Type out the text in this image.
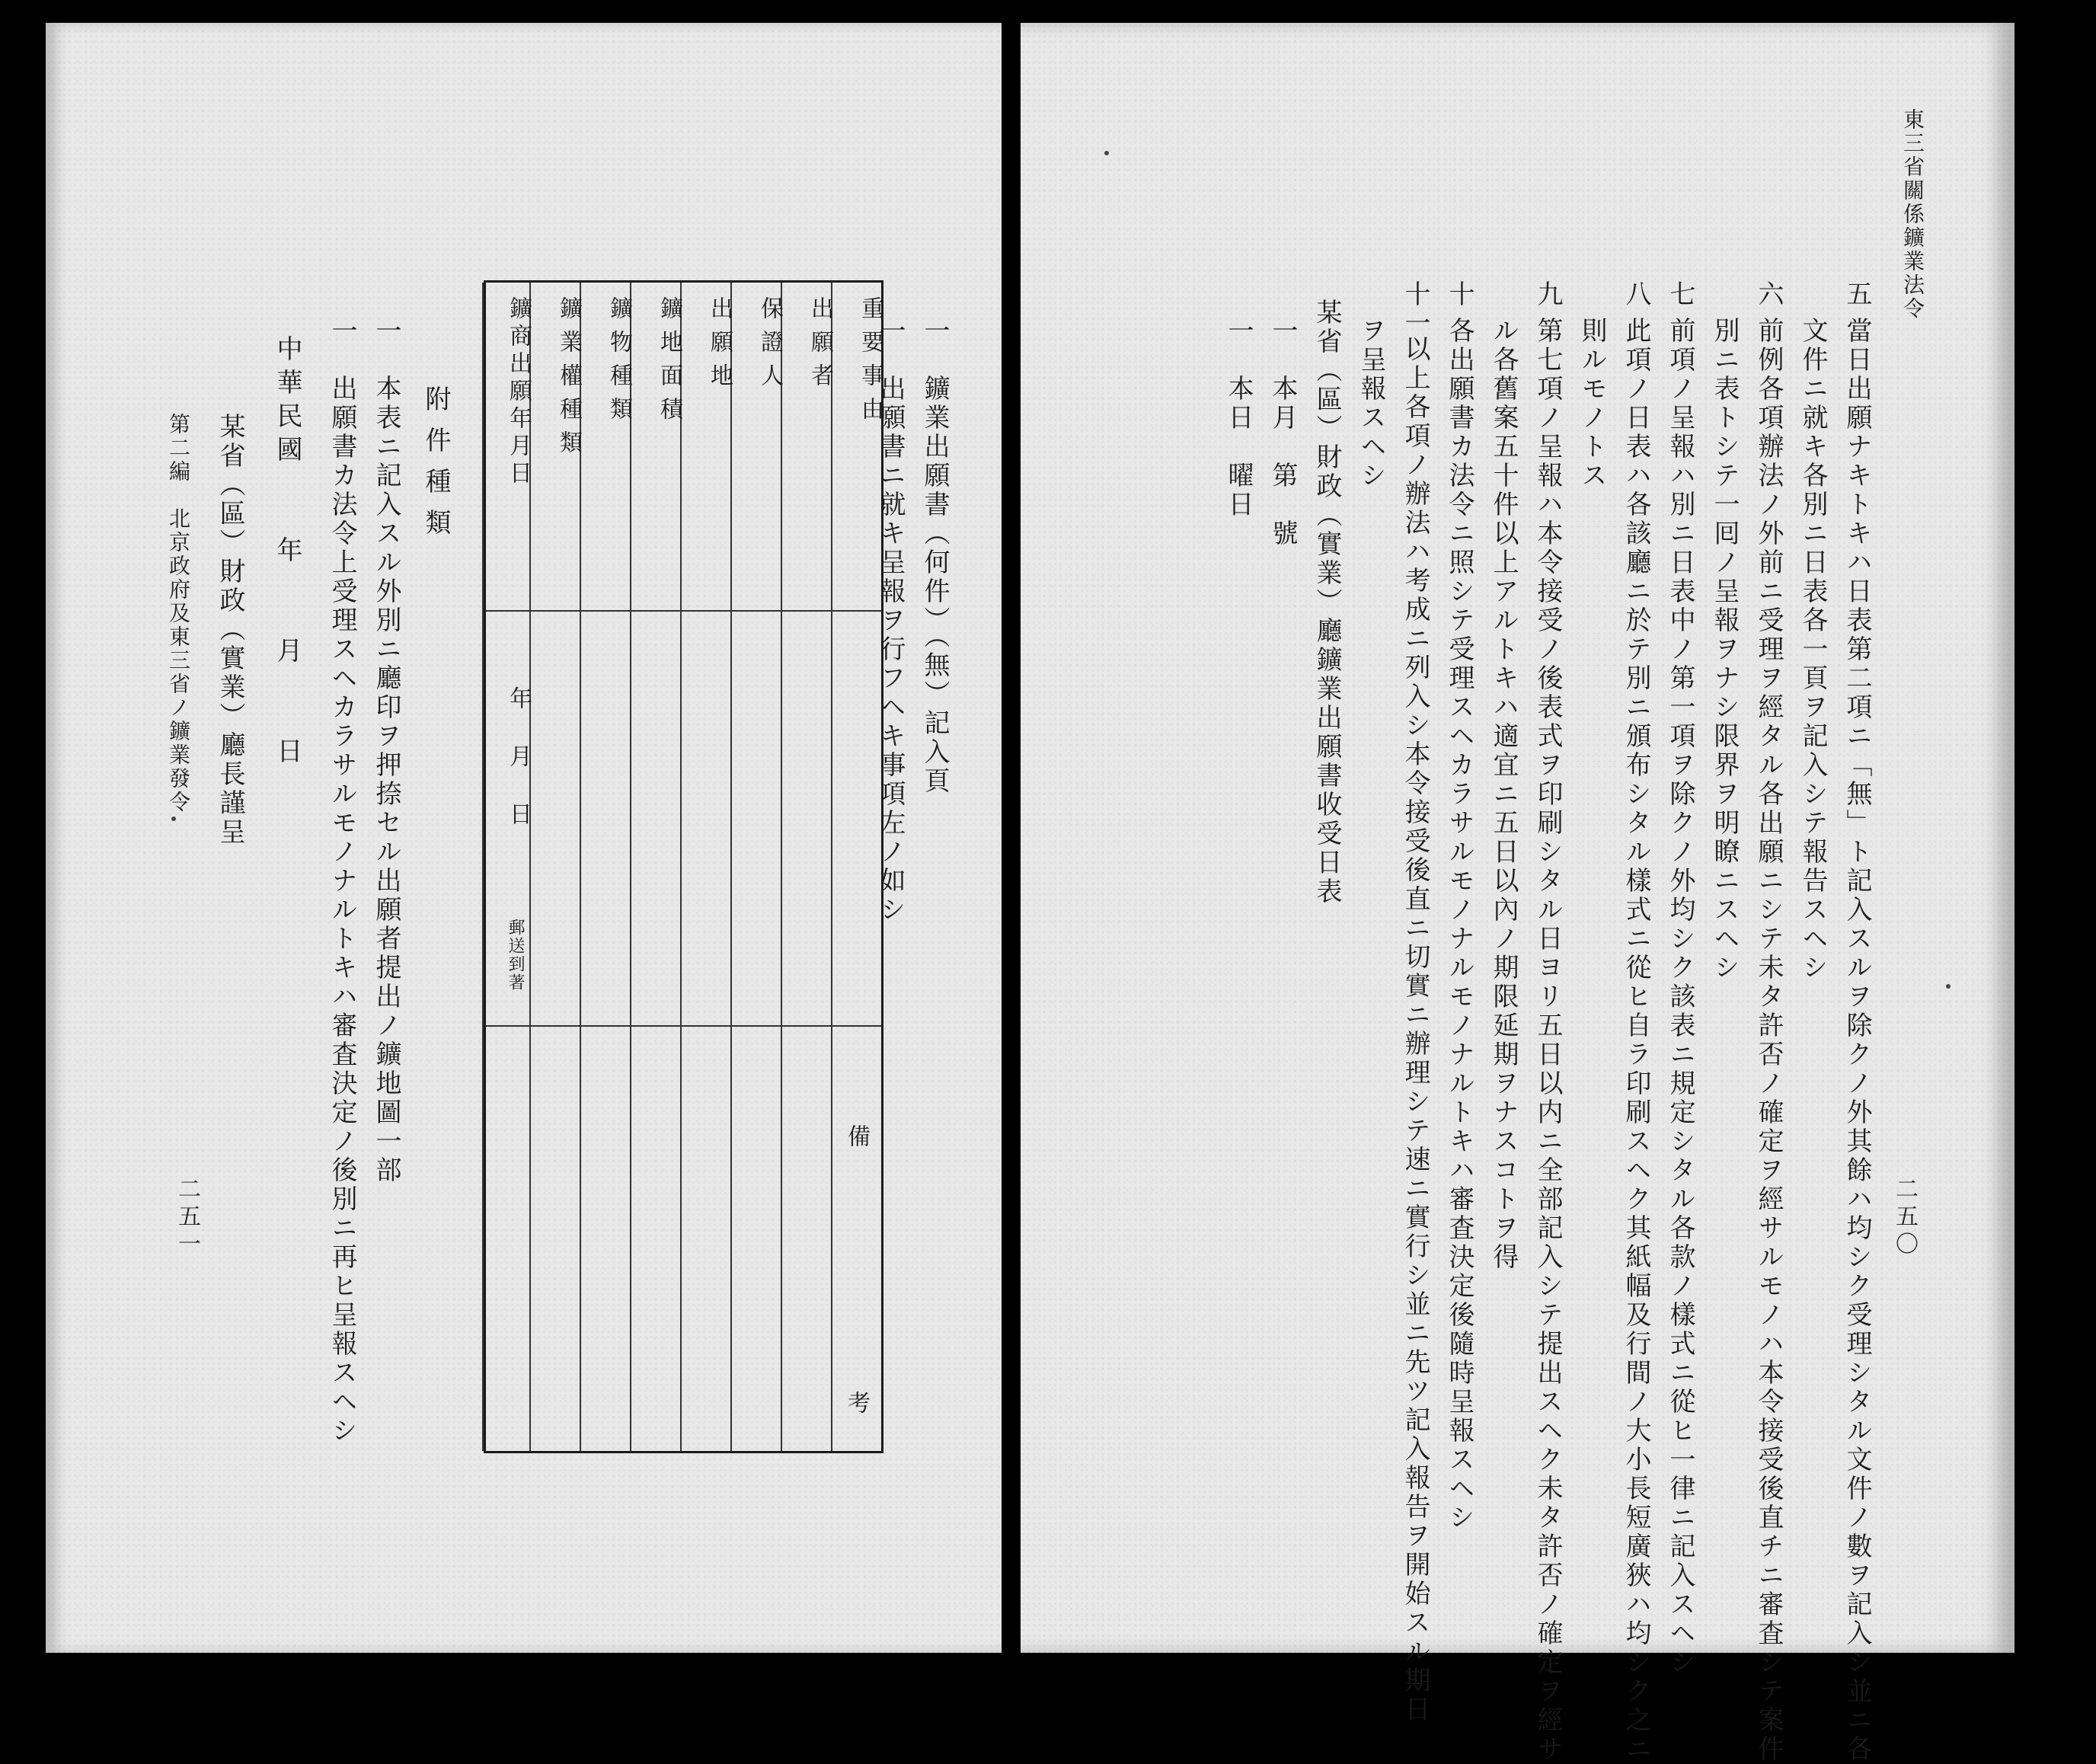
東三省關係鑛業法令
五
當日出願ナキトキハ日表第二項ニ「無」ト記入スルヲ除クノ外其餘ハ均シク受理シタル文件ノ數ヲ記入シ並ニ各
文件ニ就キ各別ニ日表各一頁ヲ記入シテ報告スヘシ
六
前例各項辦法ノ外前ニ受理ヲ經タル各出願ニシテ未タ許否ノ確定ヲ經サルモノハ本令接受後直チニ審査シテ案件
別ニ表トシテ一囘ノ呈報ヲナシ限界ヲ明瞭ニスヘシ
七
前項ノ呈報ハ別ニ日表中ノ第一項ヲ除クノ外均シク該表ニ規定シタル各款ノ樣式ニ從ヒ一律ニ記入スヘシ
八
此項ノ日表ハ各該廳ニ於テ別ニ頒布シタル樣式ニ從ヒ自ラ印刷スヘク其紙幅及行間ノ大小長短廣狹ハ均シク之ニ
則ルモノトス
九
第七項ノ呈報ハ本令接受ノ後表式ヲ印刷シタル日ヨリ五日以内ニ全部記入シテ提出スヘク未タ許否ノ確定ヲ經サ
ル各舊案五十件以上アルトキハ適宜ニ五日以內ノ期限延期ヲナスコトヲ得
十
各出願書カ法令ニ照シテ受理スヘカラサルモノナルモノナルトキハ審査決定後隨時呈報スヘシ
十一
以上各項ノ辦法ハ考成ニ列入シ本令接受後直ニ切實ニ辦理シテ速ニ實行シ並ニ先ツ記入報告ヲ開始スル期日
ヲ呈報スヘシ
某省（區）財政（實業）廳鑛業出願書收受日表
一　本月　第　號
一　本日　曜日
二五〇
一　鑛業出願書（何件）（無）記入頁
一　出願書ニ就キ呈報ヲ行フヘキ事項左ノ如シ
重要事由
出願者
保證人
出願地
鑛地面積
鑛物種類
鑛業權種類
鑛商出願年月日
年月日
郵送到著
備
考
附件種類
一　本表ニ記入スル外別ニ廳印ヲ押捺セル出願者提出ノ鑛地圖一部
一　出願書カ法令上受理スヘカラサルモノナルトキハ審査決定ノ後別ニ再ヒ呈報スヘシ
中華民國　　年　　月　　日
某省（區）財政（實業）廳長謹呈
第二編　北京政府及東三省ノ鑛業發令
二五一
